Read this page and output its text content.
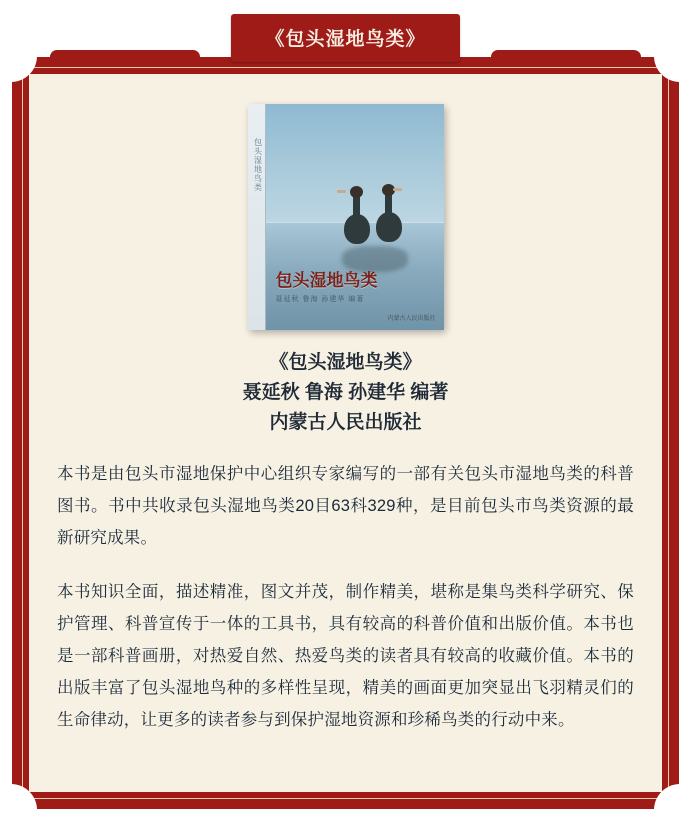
《包头湿地鸟类》
包头湿地鸟类
包头湿地鸟类
聂延秋 鲁海 孙建华 编著
内蒙古人民出版社
《包头湿地鸟类》
聂延秋 鲁海 孙建华 编著
内蒙古人民出版社

本书是由包头市湿地保护中心组织专家编写的一部有关包头市湿地鸟类的科普图书。书中共收录包头湿地鸟类20目63科329种，是目前包头市鸟类资源的最新研究成果。

本书知识全面，描述精准，图文并茂，制作精美，堪称是集鸟类科学研究、保护管理、科普宣传于一体的工具书，具有较高的科普价值和出版价值。本书也是一部科普画册，对热爱自然、热爱鸟类的读者具有较高的收藏价值。本书的出版丰富了包头湿地鸟种的多样性呈现，精美的画面更加突显出飞羽精灵们的生命律动，让更多的读者参与到保护湿地资源和珍稀鸟类的行动中来。
